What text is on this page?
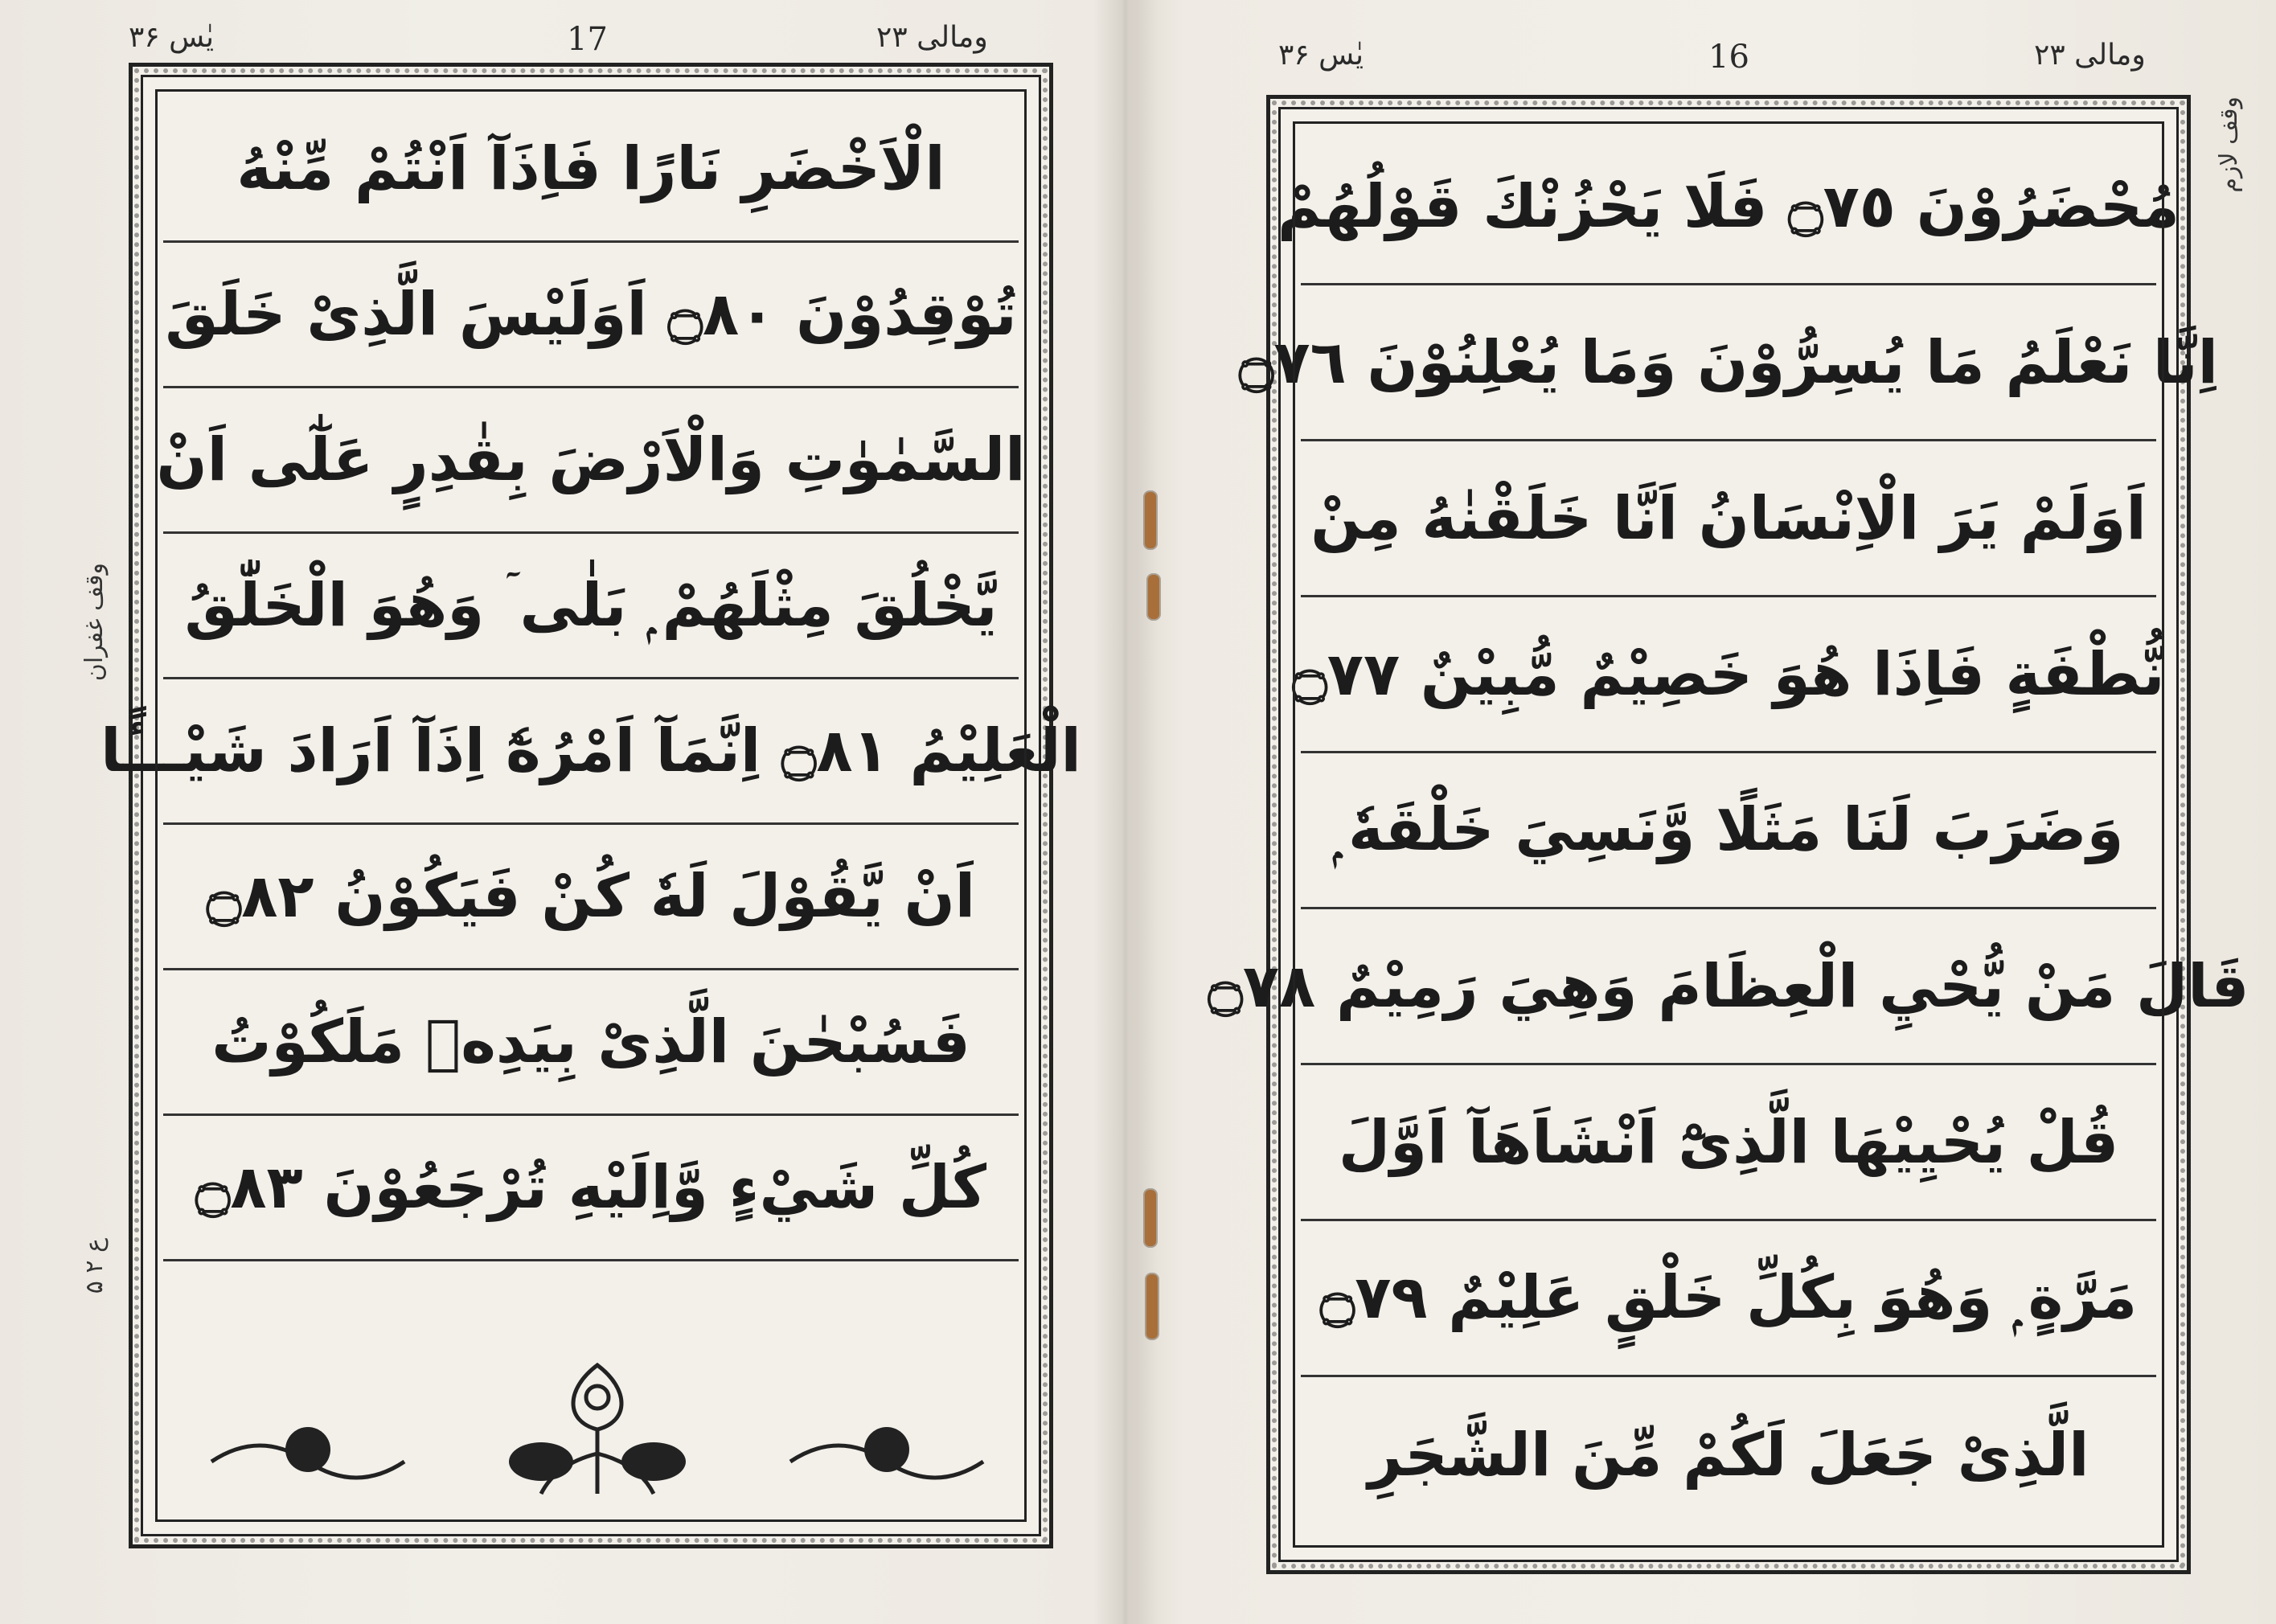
یٰس ۳۶	17	ومالی ۲۳
الْاَخْضَرِ نَارًا فَاِذَآ اَنْتُمْ مِّنْهُ
تُوْقِدُوْنَ ۝٨٠ اَوَلَيْسَ الَّذِیْ خَلَقَ
السَّمٰوٰتِ وَالْاَرْضَ بِقٰدِرٍ عَلٰٓى اَنْ
يَّخْلُقَ مِثْلَهُمْ ۭ بَلٰى ۤ وَهُوَ الْخَلّٰقُ
الْعَلِيْمُ ۝٨١ اِنَّمَآ اَمْرُهٗٓ اِذَآ اَرَادَ شَيْـــًٔا
اَنْ يَّقُوْلَ لَهٗ كُنْ فَيَكُوْنُ ۝٨٢
فَسُبْحٰنَ الَّذِیْ بِيَدِهٖ مَلَكُوْتُ
كُلِّ شَيْءٍ وَّاِلَيْهِ تُرْجَعُوْنَ ۝٨٣
وقف غفران
۵ ع ۲
یٰس ۳۶	16	ومالی ۲۳
مُحْضَرُوْنَ ۝٧٥ فَلَا يَحْزُنْكَ قَوْلُهُمْ
اِنَّا نَعْلَمُ مَا يُسِرُّوْنَ وَمَا يُعْلِنُوْنَ ۝٧٦
اَوَلَمْ يَرَ الْاِنْسَانُ اَنَّا خَلَقْنٰهُ مِنْ
نُّطْفَةٍ فَاِذَا هُوَ خَصِيْمٌ مُّبِيْنٌ ۝٧٧
وَضَرَبَ لَنَا مَثَلًا وَّنَسِيَ خَلْقَهٗ ۭ
قَالَ مَنْ يُّحْيِ الْعِظَامَ وَهِيَ رَمِيْمٌ ۝٧٨
قُلْ يُحْيِيْهَا الَّذِیْٓ اَنْشَاَهَآ اَوَّلَ
مَرَّةٍ ۭ وَهُوَ بِكُلِّ خَلْقٍ عَلِيْمٌ ۝٧٩
الَّذِیْ جَعَلَ لَكُمْ مِّنَ الشَّجَرِ
وقف لازم
